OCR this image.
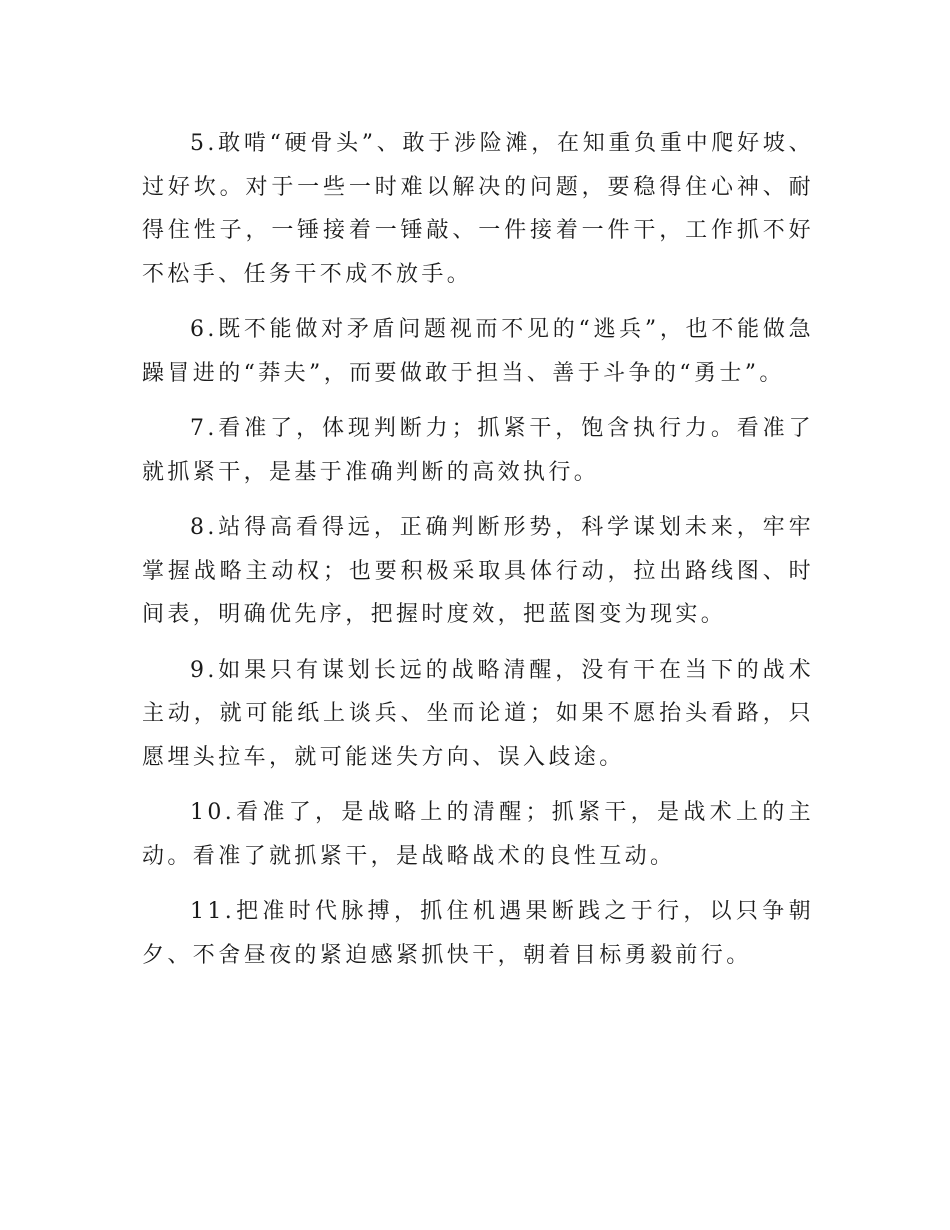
5.敢啃“硬骨头”、敢于涉险滩，在知重负重中爬好坡、过好坎。对于一些一时难以解决的问题，要稳得住心神、耐得住性子，一锤接着一锤敲、一件接着一件干，工作抓不好不松手、任务干不成不放手。

6.既不能做对矛盾问题视而不见的“逃兵”，也不能做急躁冒进的“莽夫”，而要做敢于担当、善于斗争的“勇士”。

7.看准了，体现判断力；抓紧干，饱含执行力。看准了就抓紧干，是基于准确判断的高效执行。

8.站得高看得远，正确判断形势，科学谋划未来，牢牢掌握战略主动权；也要积极采取具体行动，拉出路线图、时间表，明确优先序，把握时度效，把蓝图变为现实。

9.如果只有谋划长远的战略清醒，没有干在当下的战术主动，就可能纸上谈兵、坐而论道；如果不愿抬头看路，只愿埋头拉车，就可能迷失方向、误入歧途。

10.看准了，是战略上的清醒；抓紧干，是战术上的主动。看准了就抓紧干，是战略战术的良性互动。

11.把准时代脉搏，抓住机遇果断践之于行，以只争朝夕、不舍昼夜的紧迫感紧抓快干，朝着目标勇毅前行。
